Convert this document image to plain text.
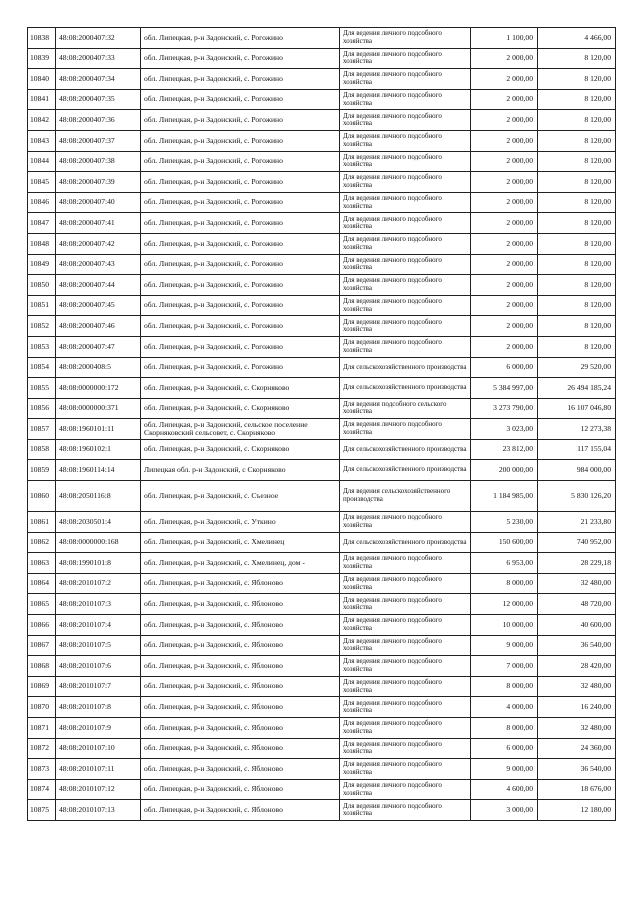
10838	48:08:2000407:32	обл. Липецкая, р-н Задонский, с. Рогожино	Для ведения личного подсобного хозяйства	1 100,00	4 466,00
10839	48:08:2000407:33	обл. Липецкая, р-н Задонский, с. Рогожино	Для ведения личного подсобного хозяйства	2 000,00	8 120,00
10840	48:08:2000407:34	обл. Липецкая, р-н Задонский, с. Рогожино	Для ведения личного подсобного хозяйства	2 000,00	8 120,00
10841	48:08:2000407:35	обл. Липецкая, р-н Задонский, с. Рогожино	Для ведения личного подсобного хозяйства	2 000,00	8 120,00
10842	48:08:2000407:36	обл. Липецкая, р-н Задонский, с. Рогожино	Для ведения личного подсобного хозяйства	2 000,00	8 120,00
10843	48:08:2000407:37	обл. Липецкая, р-н Задонский, с. Рогожино	Для ведения личного подсобного хозяйства	2 000,00	8 120,00
10844	48:08:2000407:38	обл. Липецкая, р-н Задонский, с. Рогожино	Для ведения личного подсобного хозяйства	2 000,00	8 120,00
10845	48:08:2000407:39	обл. Липецкая, р-н Задонский, с. Рогожино	Для ведения личного подсобного хозяйства	2 000,00	8 120,00
10846	48:08:2000407:40	обл. Липецкая, р-н Задонский, с. Рогожино	Для ведения личного подсобного хозяйства	2 000,00	8 120,00
10847	48:08:2000407:41	обл. Липецкая, р-н Задонский, с. Рогожино	Для ведения личного подсобного хозяйства	2 000,00	8 120,00
10848	48:08:2000407:42	обл. Липецкая, р-н Задонский, с. Рогожино	Для ведения личного подсобного хозяйства	2 000,00	8 120,00
10849	48:08:2000407:43	обл. Липецкая, р-н Задонский, с. Рогожино	Для ведения личного подсобного хозяйства	2 000,00	8 120,00
10850	48:08:2000407:44	обл. Липецкая, р-н Задонский, с. Рогожино	Для ведения личного подсобного хозяйства	2 000,00	8 120,00
10851	48:08:2000407:45	обл. Липецкая, р-н Задонский, с. Рогожино	Для ведения личного подсобного хозяйства	2 000,00	8 120,00
10852	48:08:2000407:46	обл. Липецкая, р-н Задонский, с. Рогожино	Для ведения личного подсобного хозяйства	2 000,00	8 120,00
10853	48:08:2000407:47	обл. Липецкая, р-н Задонский, с. Рогожино	Для ведения личного подсобного хозяйства	2 000,00	8 120,00
10854	48:08:2000408:5	обл. Липецкая, р-н Задонский, с. Рогожино	Для сельскохозяйственного производства	6 000,00	29 520,00
10855	48:08:0000000:172	обл. Липецкая, р-н Задонский, с. Скорняково	Для сельскохозяйственного производства	5 384 997,00	26 494 185,24
10856	48:08:0000000:371	обл. Липецкая, р-н Задонский, с. Скорняково	Для ведения подсобного сельского хозяйства	3 273 790,00	16 107 046,80
10857	48:08:1960101:11	обл. Липецкая, р-н Задонский, сельское поселение Скорняковский сельсовет, с. Скорняково	Для ведения личного подсобного хозяйства	3 023,00	12 273,38
10858	48:08:1960102:1	обл. Липецкая, р-н Задонский, с. Скорняково	Для сельскохозяйственного производства	23 812,00	117 155,04
10859	48:08:1960114:14	Липецкая обл. р-н Задонский, с Скорняково	Для сельскохозяйственного производства	200 000,00	984 000,00
10860	48:08:2050116:8	обл. Липецкая, р-н Задонский, с. Съезное	Для ведения сельскохозяйственного производства	1 184 985,00	5 830 126,20
10861	48:08:2030501:4	обл. Липецкая, р-н Задонский, с. Уткино	Для ведения личного подсобного хозяйства	5 230,00	21 233,80
10862	48:08:0000000:168	обл. Липецкая, р-н Задонский, с. Хмелинец	Для сельскохозяйственного производства	150 600,00	740 952,00
10863	48:08:1990101:8	обл. Липецкая, р-н Задонский, с. Хмелинец, дом -	Для ведения личного подсобного хозяйства	6 953,00	28 229,18
10864	48:08:2010107:2	обл. Липецкая, р-н Задонский, с. Яблоново	Для ведения личного подсобного хозяйства	8 000,00	32 480,00
10865	48:08:2010107:3	обл. Липецкая, р-н Задонский, с. Яблоново	Для ведения личного подсобного хозяйства	12 000,00	48 720,00
10866	48:08:2010107:4	обл. Липецкая, р-н Задонский, с. Яблоново	Для ведения личного подсобного хозяйства	10 000,00	40 600,00
10867	48:08:2010107:5	обл. Липецкая, р-н Задонский, с. Яблоново	Для ведения личного подсобного хозяйства	9 000,00	36 540,00
10868	48:08:2010107:6	обл. Липецкая, р-н Задонский, с. Яблоново	Для ведения личного подсобного хозяйства	7 000,00	28 420,00
10869	48:08:2010107:7	обл. Липецкая, р-н Задонский, с. Яблоново	Для ведения личного подсобного хозяйства	8 000,00	32 480,00
10870	48:08:2010107:8	обл. Липецкая, р-н Задонский, с. Яблоново	Для ведения личного подсобного хозяйства	4 000,00	16 240,00
10871	48:08:2010107:9	обл. Липецкая, р-н Задонский, с. Яблоново	Для ведения личного подсобного хозяйства	8 000,00	32 480,00
10872	48:08:2010107:10	обл. Липецкая, р-н Задонский, с. Яблоново	Для ведения личного подсобного хозяйства	6 000,00	24 360,00
10873	48:08:2010107:11	обл. Липецкая, р-н Задонский, с. Яблоново	Для ведения личного подсобного хозяйства	9 000,00	36 540,00
10874	48:08:2010107:12	обл. Липецкая, р-н Задонский, с. Яблоново	Для ведения личного подсобного хозяйства	4 600,00	18 676,00
10875	48:08:2010107:13	обл. Липецкая, р-н Задонский, с. Яблоново	Для ведения личного подсобного хозяйства	3 000,00	12 180,00
